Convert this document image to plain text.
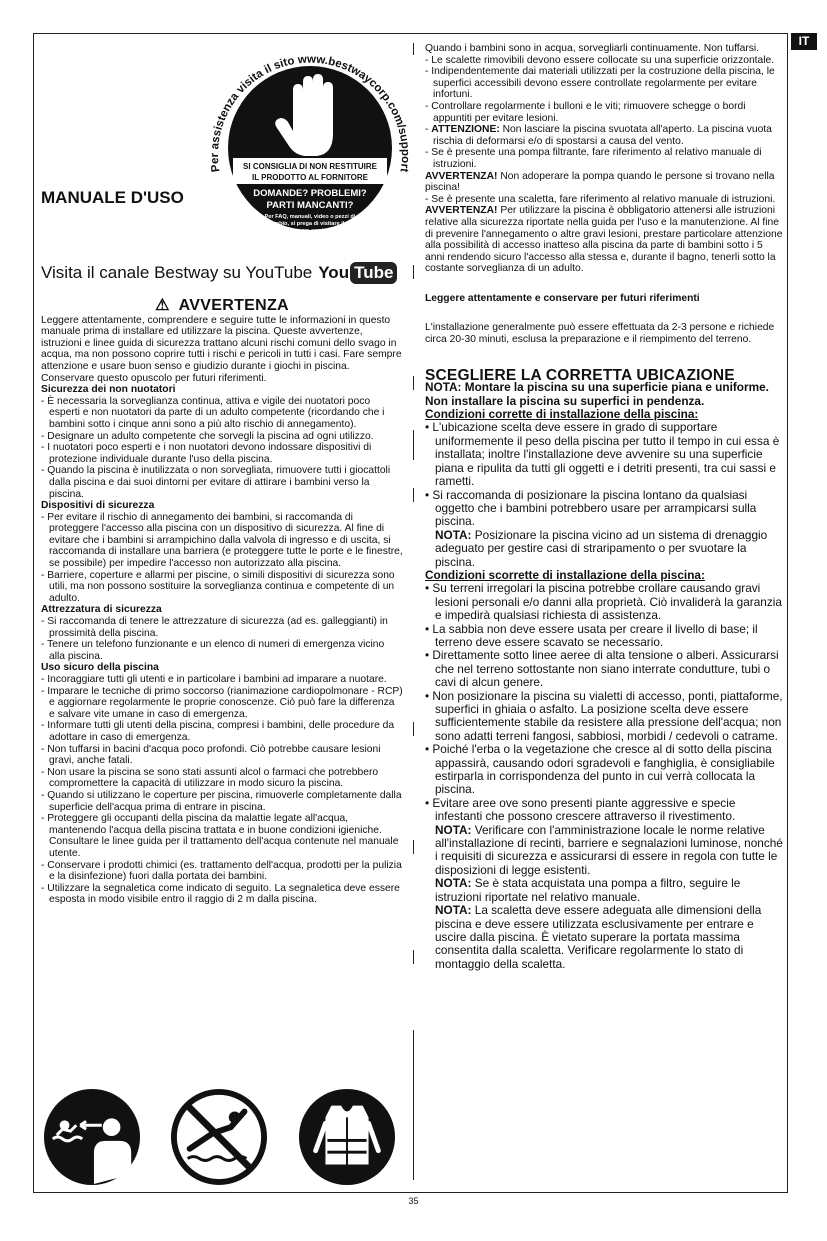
IT
Per assistenza visita il sito www.bestwaycorp.com/support
SI CONSIGLIA DI NON RESTITUIRE
IL PRODOTTO AL FORNITORE
DOMANDE? PROBLEMI?
PARTI MANCANTI?
Per FAQ, manuali, video o pezzi di
ricambio, si prega di visitare il sito
bestwaycorp.com/support
MANUALE D'USO
Visita il canale Bestway su YouTube You Tube
⚠ AVVERTENZA

Leggere attentamente, comprendere e seguire tutte le informazioni in questo manuale prima di installare ed utilizzare la piscina. Queste avvertenze, istruzioni e linee guida di sicurezza trattano alcuni rischi comuni dello svago in acqua, ma non possono coprire tutti i rischi e pericoli in tutti i casi. Fare sempre attenzione e usare buon senso e giudizio durante i giochi in piscina. Conservare questo opuscolo per futuri riferimenti.

Sicurezza dei non nuotatori

- È necessaria la sorveglianza continua, attiva e vigile dei nuotatori poco esperti e non nuotatori da parte di un adulto competente (ricordando che i bambini sotto i cinque anni sono a più alto rischio di annegamento).

- Designare un adulto competente che sorvegli la piscina ad ogni utilizzo.

- I nuotatori poco esperti e i non nuotatori devono indossare dispositivi di protezione individuale durante l'uso della piscina.

- Quando la piscina è inutilizzata o non sorvegliata, rimuovere tutti i giocattoli dalla piscina e dai suoi dintorni per evitare di attirare i bambini verso la piscina.

Dispositivi di sicurezza

- Per evitare il rischio di annegamento dei bambini, si raccomanda di proteggere l'accesso alla piscina con un dispositivo di sicurezza. Al fine di evitare che i bambini si arrampichino dalla valvola di ingresso e di uscita, si raccomanda di installare una barriera (e proteggere tutte le porte e le finestre, se possibile) per impedire l'accesso non autorizzato alla piscina.

- Barriere, coperture e allarmi per piscine, o simili dispositivi di sicurezza sono utili, ma non possono sostituire la sorveglianza continua e competente di un adulto.

Attrezzatura di sicurezza

- Si raccomanda di tenere le attrezzature di sicurezza (ad es. galleggianti) in prossimità della piscina.

- Tenere un telefono funzionante e un elenco di numeri di emergenza vicino alla piscina.

Uso sicuro della piscina

- Incoraggiare tutti gli utenti e in particolare i bambini ad imparare a nuotare.

- Imparare le tecniche di primo soccorso (rianimazione cardiopolmonare - RCP) e aggiornare regolarmente le proprie conoscenze. Ciò può fare la differenza e salvare vite umane in caso di emergenza.

- Informare tutti gli utenti della piscina, compresi i bambini, delle procedure da adottare in caso di emergenza.

- Non tuffarsi in bacini d'acqua poco profondi. Ciò potrebbe causare lesioni gravi, anche fatali.

- Non usare la piscina se sono stati assunti alcol o farmaci che potrebbero compromettere la capacità di utilizzare in modo sicuro la piscina.

- Quando si utilizzano le coperture per piscina, rimuoverle completamente dalla superficie dell'acqua prima di entrare in piscina.

- Proteggere gli occupanti della piscina da malattie legate all'acqua, mantenendo l'acqua della piscina trattata e in buone condizioni igieniche. Consultare le linee guida per il trattamento dell'acqua contenute nel manuale utente.

- Conservare i prodotti chimici (es. trattamento dell'acqua, prodotti per la pulizia e la disinfezione) fuori dalla portata dei bambini.

- Utilizzare la segnaletica come indicato di seguito. La segnaletica deve essere esposta in modo visibile entro il raggio di 2 m dalla piscina.

Quando i bambini sono in acqua, sorvegliarli continuamente. Non tuffarsi.

- Le scalette rimovibili devono essere collocate su una superficie orizzontale.

- Indipendentemente dai materiali utilizzati per la costruzione della piscina, le superfici accessibili devono essere controllate regolarmente per evitare infortuni.

- Controllare regolarmente i bulloni e le viti; rimuovere schegge o bordi appuntiti per evitare lesioni.

- ATTENZIONE: Non lasciare la piscina svuotata all'aperto. La piscina vuota rischia di deformarsi e/o di spostarsi a causa del vento.

- Se è presente una pompa filtrante, fare riferimento al relativo manuale di istruzioni.

AVVERTENZA! Non adoperare la pompa quando le persone si trovano nella piscina!

- Se è presente una scaletta, fare riferimento al relativo manuale di istruzioni.

AVVERTENZA! Per utilizzare la piscina è obbligatorio attenersi alle istruzioni relative alla sicurezza riportate nella guida per l'uso e la manutenzione. Al fine di prevenire l'annegamento o altre gravi lesioni, prestare particolare attenzione alla possibilità di accesso inatteso alla piscina da parte di bambini sotto i 5 anni rendendo sicuro l'accesso alla stessa e, durante il bagno, tenerli sotto la costante sorveglianza di un adulto.

Leggere attentamente e conservare per futuri riferimenti

L'installazione generalmente può essere effettuata da 2-3 persone e richiede circa 20-30 minuti, esclusa la preparazione e il riempimento del terreno.

SCEGLIERE LA CORRETTA UBICAZIONE

NOTA: Montare la piscina su una superficie piana e uniforme. Non installare la piscina su superfici in pendenza.

Condizioni corrette di installazione della piscina:

• L'ubicazione scelta deve essere in grado di supportare uniformemente il peso della piscina per tutto il tempo in cui essa è installata; inoltre l'installazione deve avvenire su una superficie piana e ripulita da tutti gli oggetti e i detriti presenti, tra cui sassi e rametti.

• Si raccomanda di posizionare la piscina lontano da qualsiasi oggetto che i bambini potrebbero usare per arrampicarsi sulla piscina.

NOTA: Posizionare la piscina vicino ad un sistema di drenaggio adeguato per gestire casi di straripamento o per svuotare la piscina.

Condizioni scorrette di installazione della piscina:

• Su terreni irregolari la piscina potrebbe crollare causando gravi lesioni personali e/o danni alla proprietà. Ciò invaliderà la garanzia e impedirà qualsiasi richiesta di assistenza.

• La sabbia non deve essere usata per creare il livello di base; il terreno deve essere scavato se necessario.

• Direttamente sotto linee aeree di alta tensione o alberi. Assicurarsi che nel terreno sottostante non siano interrate condutture, tubi o cavi di alcun genere.

• Non posizionare la piscina su vialetti di accesso, ponti, piattaforme, superfici in ghiaia o asfalto. La posizione scelta deve essere sufficientemente stabile da resistere alla pressione dell'acqua; non sono adatti terreni fangosi, sabbiosi, morbidi / cedevoli o catrame.

• Poiché l'erba o la vegetazione che cresce al di sotto della piscina appassirà, causando odori sgradevoli e fanghiglia, è consigliabile estirparla in corrispondenza del punto in cui verrà collocata la piscina.

• Evitare aree ove sono presenti piante aggressive e specie infestanti che possono crescere attraverso il rivestimento.

NOTA: Verificare con l'amministrazione locale le norme relative all'installazione di recinti, barriere e segnalazioni luminose, nonché i requisiti di sicurezza e assicurarsi di essere in regola con tutte le disposizioni di legge esistenti.

NOTA: Se è stata acquistata una pompa a filtro, seguire le istruzioni riportate nel relativo manuale.

NOTA: La scaletta deve essere adeguata alle dimensioni della piscina e deve essere utilizzata esclusivamente per entrare e uscire dalla piscina. È vietato superare la portata massima consentita dalla scaletta. Verificare regolarmente lo stato di montaggio della scaletta.

35
